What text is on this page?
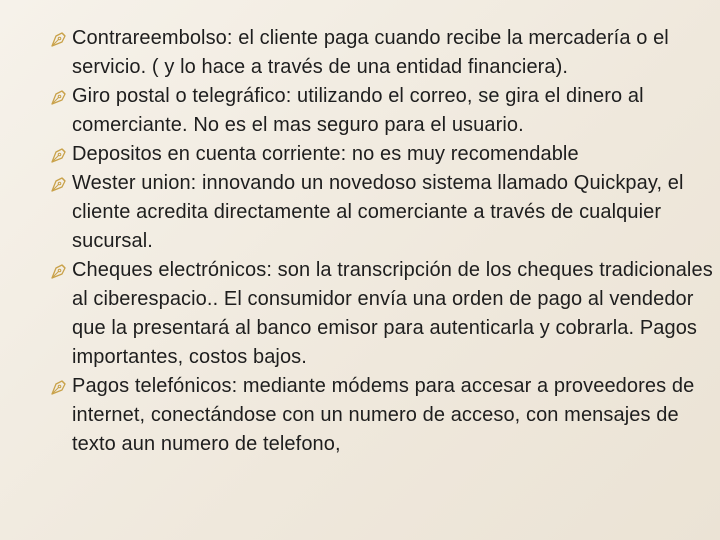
Contrareembolso: el cliente paga cuando recibe la mercadería o el servicio. ( y lo hace a través de una entidad financiera).
Giro postal o telegráfico: utilizando el correo, se gira el dinero al comerciante. No es el mas seguro para el usuario.
Depositos en cuenta corriente: no es muy recomendable
Wester union: innovando un novedoso sistema llamado Quickpay, el cliente acredita directamente al comerciante a través de cualquier sucursal.
Cheques electrónicos: son la transcripción de los cheques tradicionales al ciberespacio.. El consumidor envía una orden de pago al vendedor que la presentará al banco emisor para autenticarla y cobrarla. Pagos importantes, costos bajos.
Pagos telefónicos: mediante módems para accesar a proveedores de internet, conectándose con un numero de acceso, con mensajes de texto aun numero de telefono,
